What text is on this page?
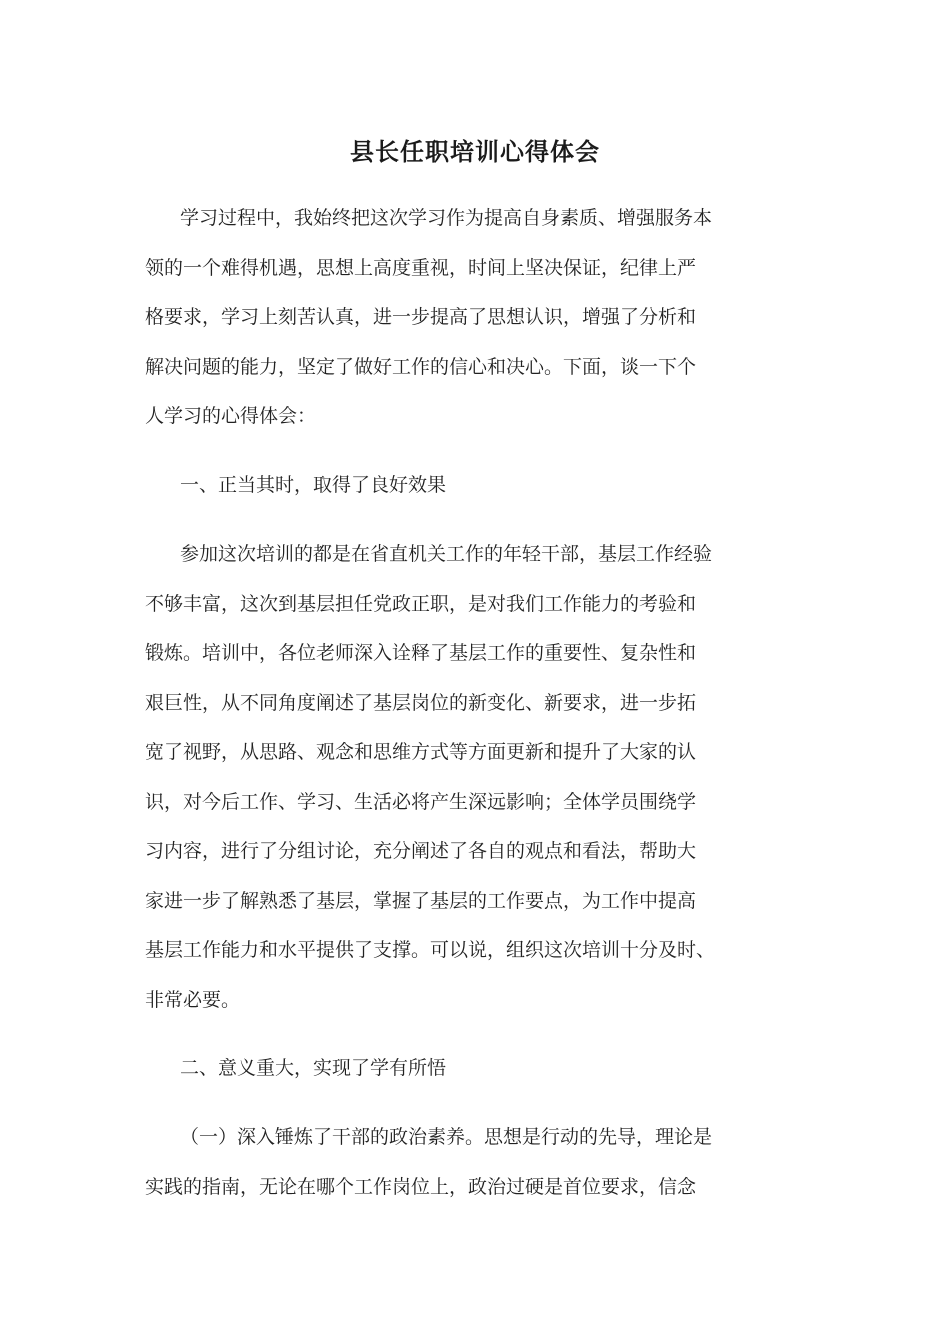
县长任职培训心得体会
学习过程中，我始终把这次学习作为提高自身素质、增强服务本
领的一个难得机遇，思想上高度重视，时间上坚决保证，纪律上严
格要求，学习上刻苦认真，进一步提高了思想认识，增强了分析和
解决问题的能力，坚定了做好工作的信心和决心。下面，谈一下个
人学习的心得体会：
一、正当其时，取得了良好效果
参加这次培训的都是在省直机关工作的年轻干部，基层工作经验
不够丰富，这次到基层担任党政正职，是对我们工作能力的考验和
锻炼。培训中，各位老师深入诠释了基层工作的重要性、复杂性和
艰巨性，从不同角度阐述了基层岗位的新变化、新要求，进一步拓
宽了视野，从思路、观念和思维方式等方面更新和提升了大家的认
识，对今后工作、学习、生活必将产生深远影响；全体学员围绕学
习内容，进行了分组讨论，充分阐述了各自的观点和看法，帮助大
家进一步了解熟悉了基层，掌握了基层的工作要点，为工作中提高
基层工作能力和水平提供了支撑。可以说，组织这次培训十分及时、
非常必要。
二、意义重大，实现了学有所悟
（一）深入锤炼了干部的政治素养。思想是行动的先导，理论是
实践的指南，无论在哪个工作岗位上，政治过硬是首位要求，信念
